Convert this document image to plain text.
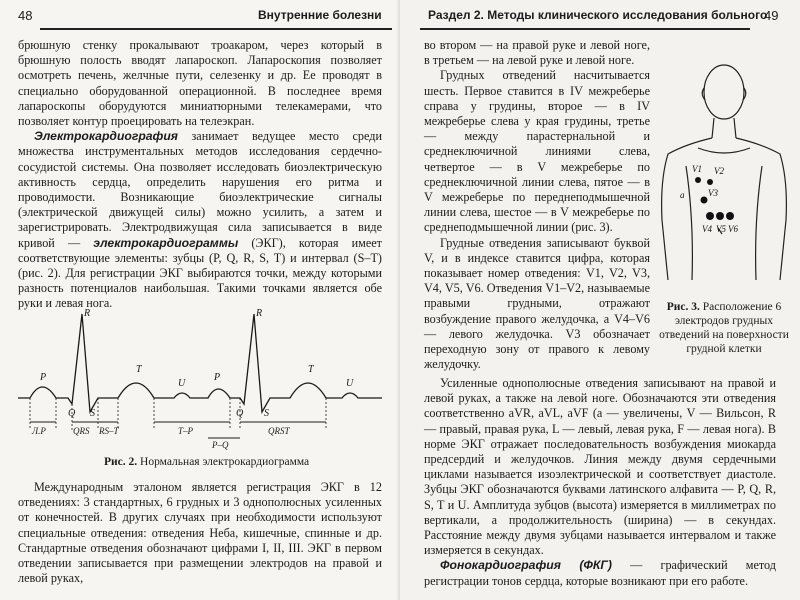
48	Внутренние болезни

брюшную стенку прокалывают троакаром, через который в брюшную полость вводят лапароскоп. Лапароскопия позволяет осмотреть печень, желчные пути, селезенку и др. Ее проводят в специально оборудованной операционной. В последнее время лапароскопы оборудуются миниатюрными телекамерами, что позволяет контур проецировать на телеэкран.

Электрокардиография занимает ведущее место среди множества инструментальных методов исследования сердечно-сосудистой системы. Она позволяет исследовать биоэлектрическую активность сердца, определить нарушения его ритма и проводимости. Возникающие биоэлектрические сигналы (электрической движущей силы) можно усилить, а затем и зарегистрировать. Электродвижущая сила записывается в виде кривой — электрокардиограммы (ЭКГ), которая имеет соответствующие элементы: зубцы (P, Q, R, S, T) и интервал (S–T) (рис. 2). Для регистрации ЭКГ выбираются точки, между которыми разность потенциалов наибольшая. Такими точками является обе руки и левая нога.

P
R
Q S
T
U
P
R
Q S
T
U
Л.P	QRS RS–T	T–P
P–Q
QRST
Рис. 2. Нормальная электрокардиограмма

Международным эталоном является регистрация ЭКГ в 12 отведениях: 3 стандартных, 6 грудных и 3 однополюсных усиленных от конечностей. В других случаях при необходимости используют специальные отведения: отведения Неба, кишечные, спинные и др. Стандартные отведения обозначают цифрами I, II, III. ЭКГ в первом отведении записывается при размещении электродов на правой и левой руках,

Раздел 2. Методы клинического исследования больного
49

во втором — на правой руке и левой ноге, в третьем — на левой руке и левой ноге.

Грудных отведений насчитывается шесть. Первое ставится в IV межреберье справа у грудины, второе — в IV межреберье слева у края грудины, третье — между парастернальной и среднеключичной линиями слева, четвертое — в V межреберье по среднеключичной линии слева, пятое — в V межреберье по переднеподмышечной линии слева, шестое — в V межреберье по среднеподмышечной линии (рис. 3).

Грудные отведения записывают буквой V, и в индексе ставится цифра, которая показывает номер отведения: V1, V2, V3, V4, V5, V6. Отведения V1–V2, называемые правыми грудными, отражают возбуждение правого желудочка, а V4–V6 — левого желудочка. V3 обозначает переходную зону от правого к левому желудочку.

V1 V2
V3
V4 V5 V6
a
Рис. 3. Расположение 6 электродов грудных отведений на поверхности грудной клетки

Усиленные однополюсные отведения записывают на правой и левой руках, а также на левой ноге. Обозначаются эти отведения соответственно aVR, aVL, aVF (a — увеличены, V — Вильсон, R — правый, правая рука, L — левый, левая рука, F — левая нога). В норме ЭКГ отражает последовательность возбуждения миокарда предсердий и желудочков. Линия между двумя сердечными циклами называется изоэлектрической и соответствует диастоле. Зубцы ЭКГ обозначаются буквами латинского алфавита — P, Q, R, S, T и U. Амплитуда зубцов (высота) измеряется в миллиметрах по вертикали, а продолжительность (ширина) — в секундах. Расстояние между двумя зубцами называется интервалом и также измеряется в секундах.

Фонокардиография (ФКГ) — графический метод регистрации тонов сердца, которые возникают при его работе.
